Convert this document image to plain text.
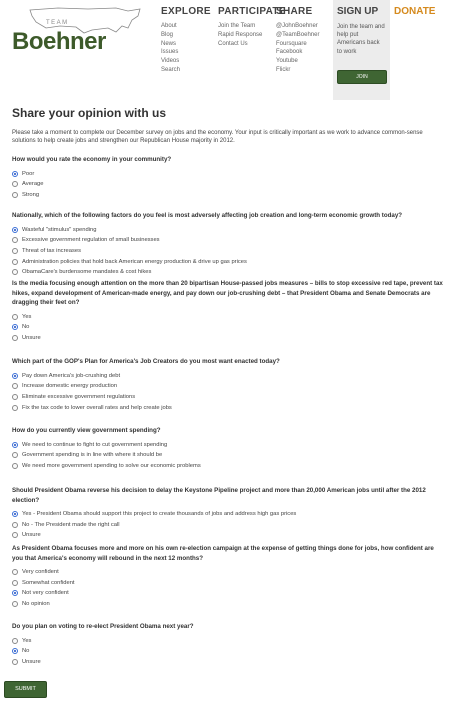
TEAM
Boehner
EXPLORE
About
Blog
News
Issues
Videos
Search
PARTICIPATE
Join the Team
Rapid Response
Contact Us
SHARE
@JohnBoehner
@TeamBoehner
Foursquare
Facebook
Youtube
Flickr
SIGN UP

Join the team and help put Americans back to work

JOIN
DONATE
Share your opinion with us

Please take a moment to complete our December survey on jobs and the economy. Your input is critically important as we work to advance common-sense solutions to help create jobs and strengthen our Republican House majority in 2012.

How would you rate the economy in your community?
Poor
Average
Strong
Nationally, which of the following factors do you feel is most adversely affecting job creation and long-term economic growth today?
Wasteful "stimulus" spending
Excessive government regulation of small businesses
Threat of tax increases
Administration policies that hold back American energy production & drive up gas prices
ObamaCare's burdensome mandates & cost hikes
Is the media focusing enough attention on the more than 20 bipartisan House-passed jobs measures – bills to stop excessive red tape, prevent tax hikes, expand development of American-made energy, and pay down our job-crushing debt – that President Obama and Senate Democrats are dragging their feet on?
Yes
No
Unsure
Which part of the GOP's Plan for America's Job Creators do you most want enacted today?
Pay down America's job-crushing debt
Increase domestic energy production
Eliminate excessive government regulations
Fix the tax code to lower overall rates and help create jobs
How do you currently view government spending?
We need to continue to fight to cut government spending
Government spending is in line with where it should be
We need more government spending to solve our economic problems
Should President Obama reverse his decision to delay the Keystone Pipeline project and more than 20,000 American jobs until after the 2012 election?
Yes - President Obama should support this project to create thousands of jobs and address high gas prices
No - The President made the right call
Unsure
As President Obama focuses more and more on his own re-election campaign at the expense of getting things done for jobs, how confident are you that America's economy will rebound in the next 12 months?
Very confident
Somewhat confident
Not very confident
No opinion
Do you plan on voting to re-elect President Obama next year?
Yes
No
Unsure
SUBMIT
